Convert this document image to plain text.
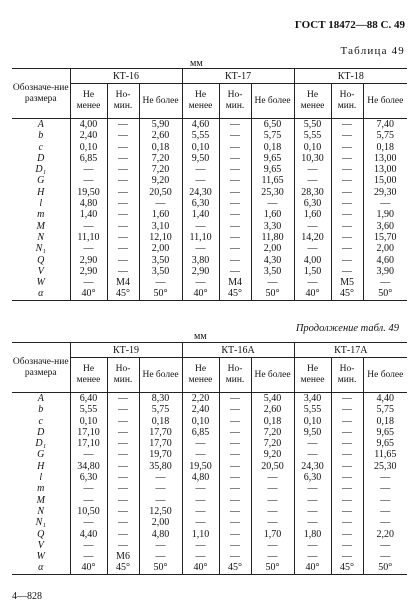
ГОСТ 18472—88 С. 49
Таблица 49
мм
Обозначе-ние размера	КТ-16			КТ-17			КТ-18		
	Не менее	Но-мин.	Не более	Не менее	Но-мин.	Не более	Не менее	Но-мин.	Не более
A	4,00	—	5,90	4,60	—	6,50	5,50	—	7,40
b	2,40	—	2,60	5,55	—	5,75	5,55	—	5,75
c	0,10	—	0,18	0,10	—	0,18	0,10	—	0,18
D	6,85	—	7,20	9,50	—	9,65	10,30	—	13,00
D₁	—	—	7,20	—	—	9,65	—	—	13,00
G	—	—	9,20	—	—	11,65	—	—	15,00
H	19,50	—	20,50	24,30	—	25,30	28,30	—	29,30
l	4,80	—	—	6,30	—	—	6,30	—	—
m	1,40	—	1,60	1,40	—	1,60	1,60	—	1,90
M	—	—	3,10	—	—	3,30	—	—	3,60
N	11,10	—	12,10	11,10	—	11,80	14,20	—	15,70
N₁	—	—	2,00	—	—	2,00	—	—	2,00
Q	2,90	—	3,50	3,80	—	4,30	4,00	—	4,60
V	2,90	—	3,50	2,90	—	3,50	1,50	—	3,90
W	—	M4	—	—	M4	—	—	M5	—
α	40°	45°	50°	40°	45°	50°	40°	45°	50°
Продолжение табл. 49
мм
Обозначе-ние размера	КТ-19			КТ-16А			КТ-17А		
	Не менее	Но-мин.	Не более	Не менее	Но-мин.	Не более	Не менее	Но-мин.	Не более
A	6,40	—	8,30	2,20	—	5,40	3,40	—	4,40
b	5,55	—	5,75	2,40	—	2,60	5,55	—	5,75
c	0,10	—	0,18	0,10	—	0,18	0,10	—	0,18
D	17,10	—	17,70	6,85	—	7,20	9,50	—	9,65
D₁	17,10	—	17,70	—	—	7,20	—	—	9,65
G	—	—	19,70	—	—	9,20	—	—	11,65
H	34,80	—	35,80	19,50	—	20,50	24,30	—	25,30
l	6,30	—	—	4,80	—	—	6,30	—	—
m	—	—	—	—	—	—	—	—	—
M	—	—	—	—	—	—	—	—	—
N	10,50	—	12,50	—	—	—	—	—	—
N₁	—	—	2,00	—	—	—	—	—	—
Q	4,40	—	4,80	1,10	—	1,70	1,80	—	2,20
V	—	—	—	—	—	—	—	—	—
W	—	M6	—	—	—	—	—	—	—
α	40°	45°	50°	40°	45°	50°	40°	45°	50°
4—828
